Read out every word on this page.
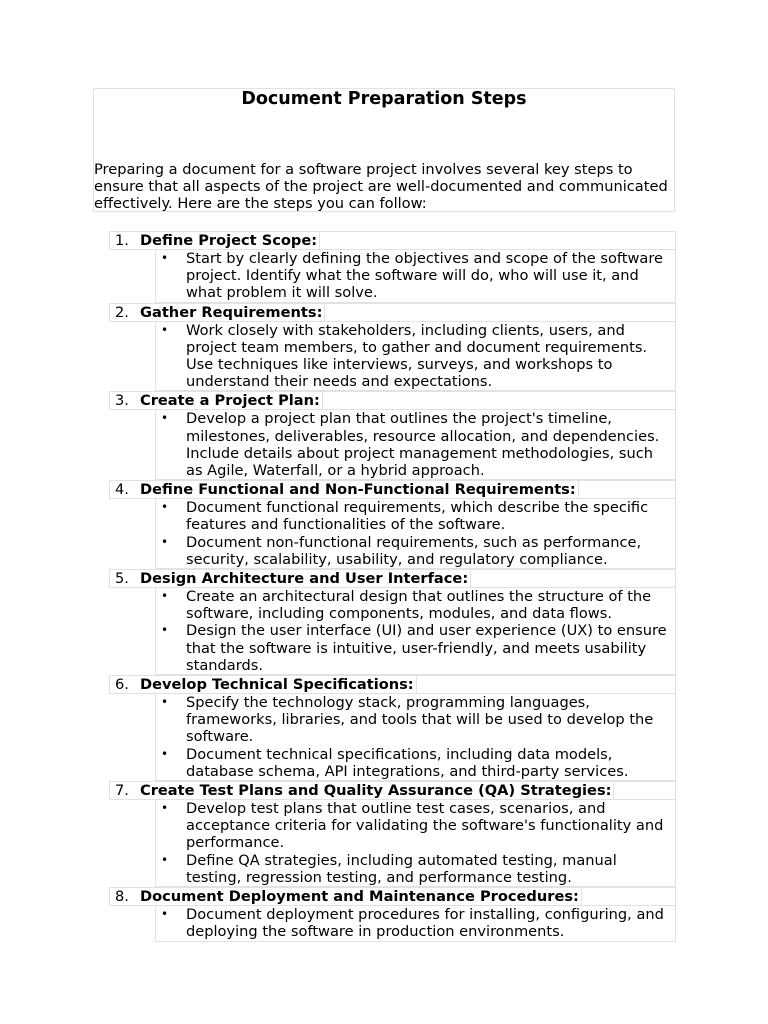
Document Preparation Steps

Preparing a document for a software project involves several key steps to ensure that all aspects of the project are well-documented and communicated effectively. Here are the steps you can follow:

1. Define Project Scope:
• Start by clearly defining the objectives and scope of the software project. Identify what the software will do, who will use it, and what problem it will solve.
2. Gather Requirements:
• Work closely with stakeholders, including clients, users, and project team members, to gather and document requirements. Use techniques like interviews, surveys, and workshops to understand their needs and expectations.
3. Create a Project Plan:
• Develop a project plan that outlines the project's timeline, milestones, deliverables, resource allocation, and dependencies. Include details about project management methodologies, such as Agile, Waterfall, or a hybrid approach.
4. Define Functional and Non-Functional Requirements:
• Document functional requirements, which describe the specific features and functionalities of the software.
• Document non-functional requirements, such as performance, security, scalability, usability, and regulatory compliance.
5. Design Architecture and User Interface:
• Create an architectural design that outlines the structure of the software, including components, modules, and data flows.
• Design the user interface (UI) and user experience (UX) to ensure that the software is intuitive, user-friendly, and meets usability standards.
6. Develop Technical Specifications:
• Specify the technology stack, programming languages, frameworks, libraries, and tools that will be used to develop the software.
• Document technical specifications, including data models, database schema, API integrations, and third-party services.
7. Create Test Plans and Quality Assurance (QA) Strategies:
• Develop test plans that outline test cases, scenarios, and acceptance criteria for validating the software's functionality and performance.
• Define QA strategies, including automated testing, manual testing, regression testing, and performance testing.
8. Document Deployment and Maintenance Procedures:
• Document deployment procedures for installing, configuring, and deploying the software in production environments.
